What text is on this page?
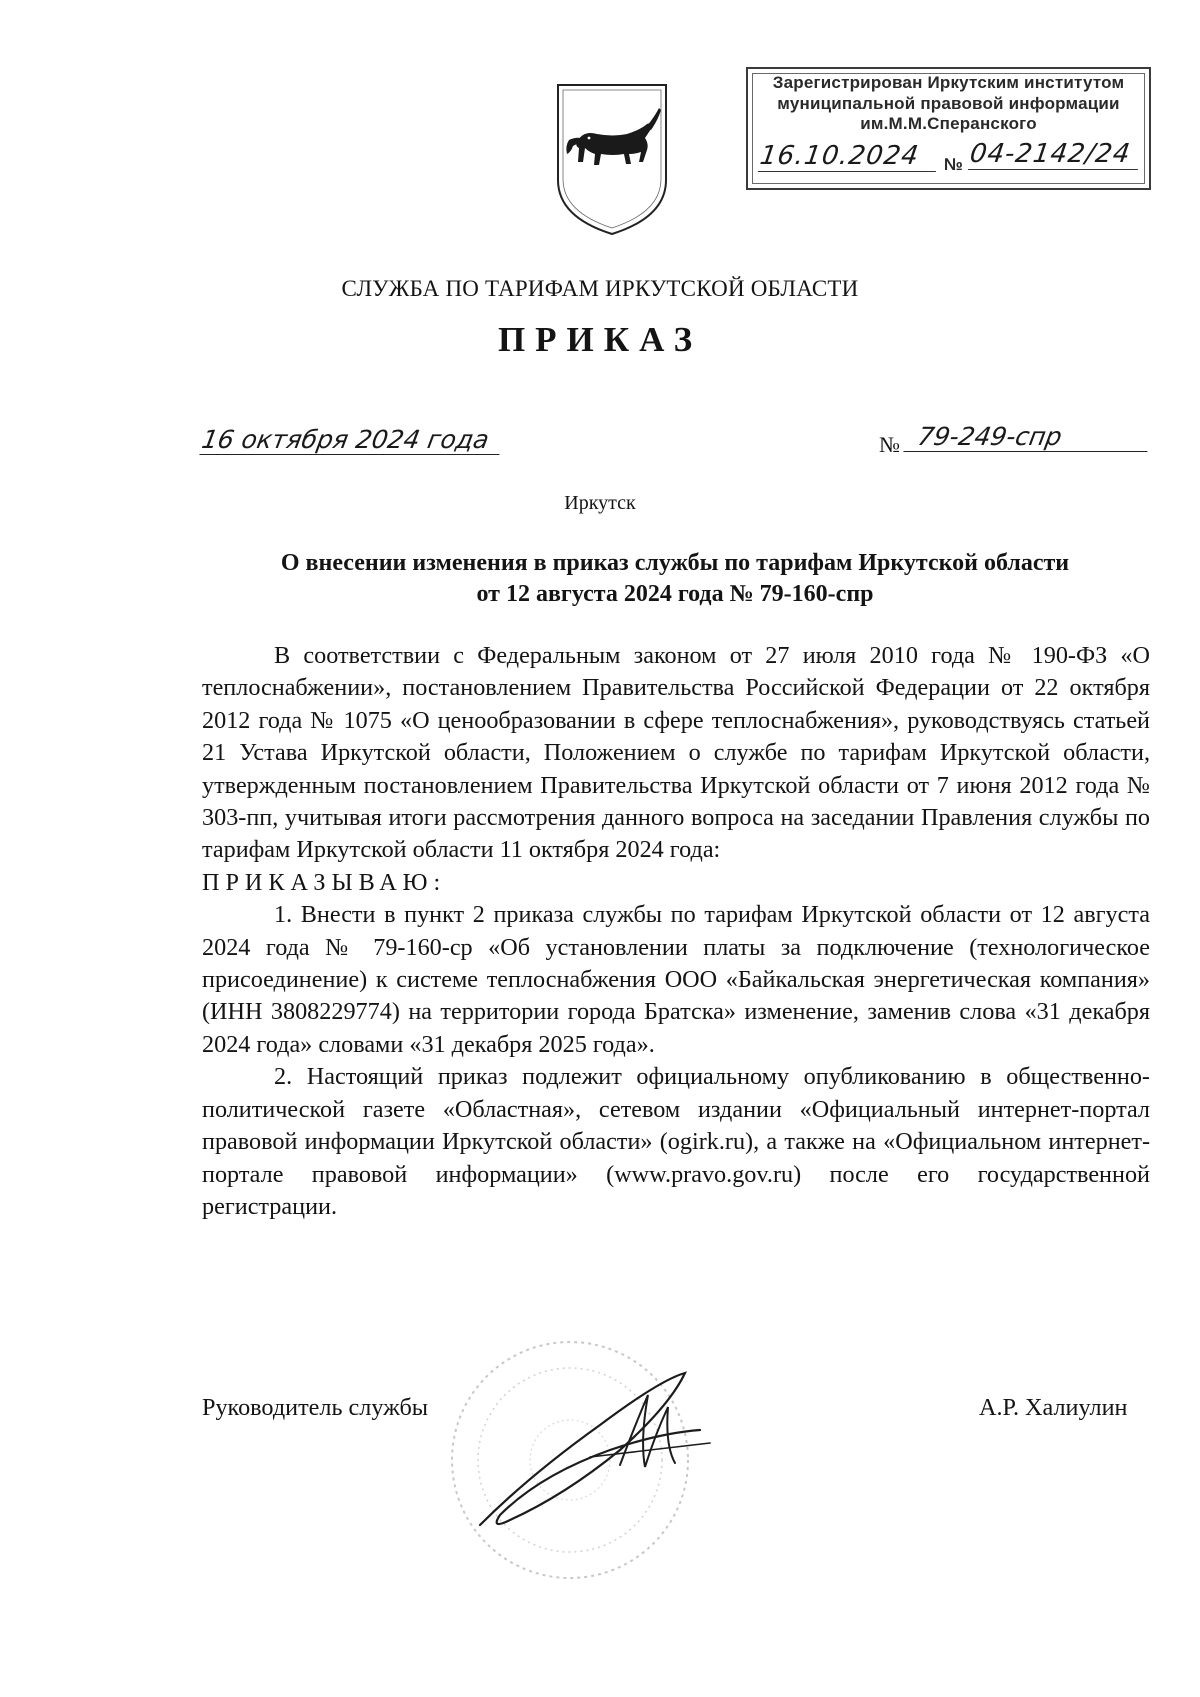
Зарегистрирован Иркутским институтом
муниципальной правовой информации
им.М.М.Сперанского
16.10.2024	№ 04-2142/24
СЛУЖБА ПО ТАРИФАМ ИРКУТСКОЙ ОБЛАСТИ
ПРИКАЗ
16 октября 2024 года	№ 79-249-спр
Иркутск
О внесении изменения в приказ службы по тарифам Иркутской области
от 12 августа 2024 года № 79-160-спр

В соответствии с Федеральным законом от 27 июля 2010 года № 190-ФЗ «О теплоснабжении», постановлением Правительства Российской Федерации от 22 октября 2012 года № 1075 «О ценообразовании в сфере теплоснабжения», руководствуясь статьей 21 Устава Иркутской области, Положением о службе по тарифам Иркутской области, утвержденным постановлением Правительства Иркутской области от 7 июня 2012 года № 303-пп, учитывая итоги рассмотрения данного вопроса на заседании Правления службы по тарифам Иркутской области 11 октября 2024 года:

ПРИКАЗЫВАЮ:

1. Внести в пункт 2 приказа службы по тарифам Иркутской области от 12 августа 2024 года № 79-160-ср «Об установлении платы за подключение (технологическое присоединение) к системе теплоснабжения ООО «Байкальская энергетическая компания» (ИНН 3808229774) на территории города Братска» изменение, заменив слова «31 декабря 2024 года» словами «31 декабря 2025 года».

2. Настоящий приказ подлежит официальному опубликованию в общественно-политической газете «Областная», сетевом издании «Официальный интернет-портал правовой информации Иркутской области» (ogirk.ru), а также на «Официальном интернет-портале правовой информации» (www.pravo.gov.ru) после его государственной регистрации.

Руководитель службы	А.Р. Халиулин
